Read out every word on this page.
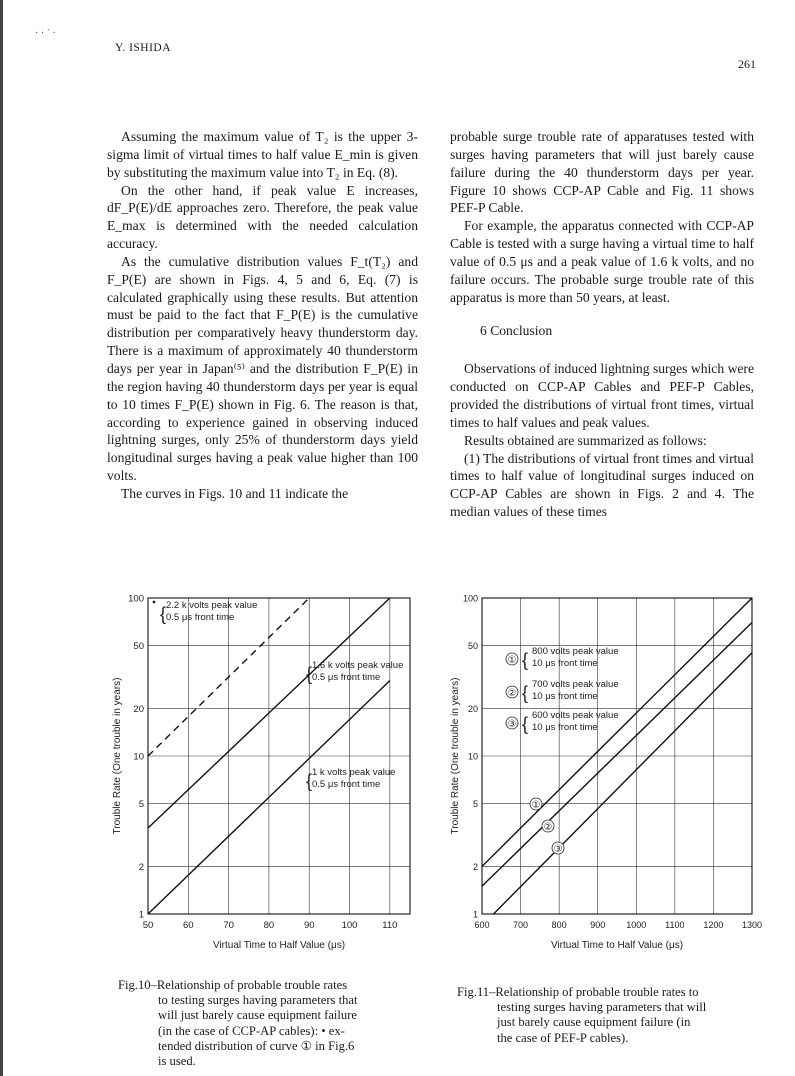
· · ˙ ·
Y. ISHIDA
261

Assuming the maximum value of T₂ is the upper 3-sigma limit of virtual times to half value E_min is given by substituting the maximum value into T₂ in Eq. (8).

On the other hand, if peak value E increases, dF_P(E)/dE approaches zero. Therefore, the peak value E_max is determined with the needed calculation accuracy.

As the cumulative distribution values F_t(T₂) and F_P(E) are shown in Figs. 4, 5 and 6, Eq. (7) is calculated graphically using these results. But attention must be paid to the fact that F_P(E) is the cumulative distribution per comparatively heavy thunderstorm day. There is a maximum of approximately 40 thunderstorm days per year in Japan⁽⁵⁾ and the distribution F_P(E) in the region having 40 thunderstorm days per year is equal to 10 times F_P(E) shown in Fig. 6. The reason is that, according to experience gained in observing induced lightning surges, only 25% of thunderstorm days yield longitudinal surges having a peak value higher than 100 volts.

The curves in Figs. 10 and 11 indicate the

probable surge trouble rate of apparatuses tested with surges having parameters that will just barely cause failure during the 40 thunderstorm days per year. Figure 10 shows CCP-AP Cable and Fig. 11 shows PEF-P Cable.

For example, the apparatus connected with CCP-AP Cable is tested with a surge having a virtual time to half value of 0.5 μs and a peak value of 1.6 k volts, and no failure occurs. The probable surge trouble rate of this apparatus is more than 50 years, at least.

6 Conclusion

Observations of induced lightning surges which were conducted on CCP-AP Cables and PEF-P Cables, provided the distributions of virtual front times, virtual times to half values and peak values.

Results obtained are summarized as follows:

(1) The distributions of virtual front times and virtual times to half value of longitudinal surges induced on CCP-AP Cables are shown in Figs. 2 and 4. The median values of these times

50	60	70	80	90	100	110
1
2
5
10
20
50
100
Virtual Time to Half Value (μs)
Trouble Rate (One trouble in years)
{ 2.2 k volts peak value
0.5 μs front time
{ 1.6 k volts peak value
0.5 μs front time
{ 1 k volts peak value
0.5 μs front time
600	700	800	900 1000 1100 1200 1300
1
2
5
10
20
50
100
Virtual Time to Half Value (μs)
Trouble Rate (One trouble in years)
① { 800 volts peak value
10 μs front time
② { 700 volts peak value
10 μs front time
③ { 600 volts peak value
10 μs front time
①
②
③
Fig.10–Relationship of probable trouble rates
to testing surges having parameters that
will just barely cause equipment failure
(in the case of CCP-AP cables): • ex-
tended distribution of curve ① in Fig.6
is used.
Fig.11–Relationship of probable trouble rates to
testing surges having parameters that will
just barely cause equipment failure (in
the case of PEF-P cables).
